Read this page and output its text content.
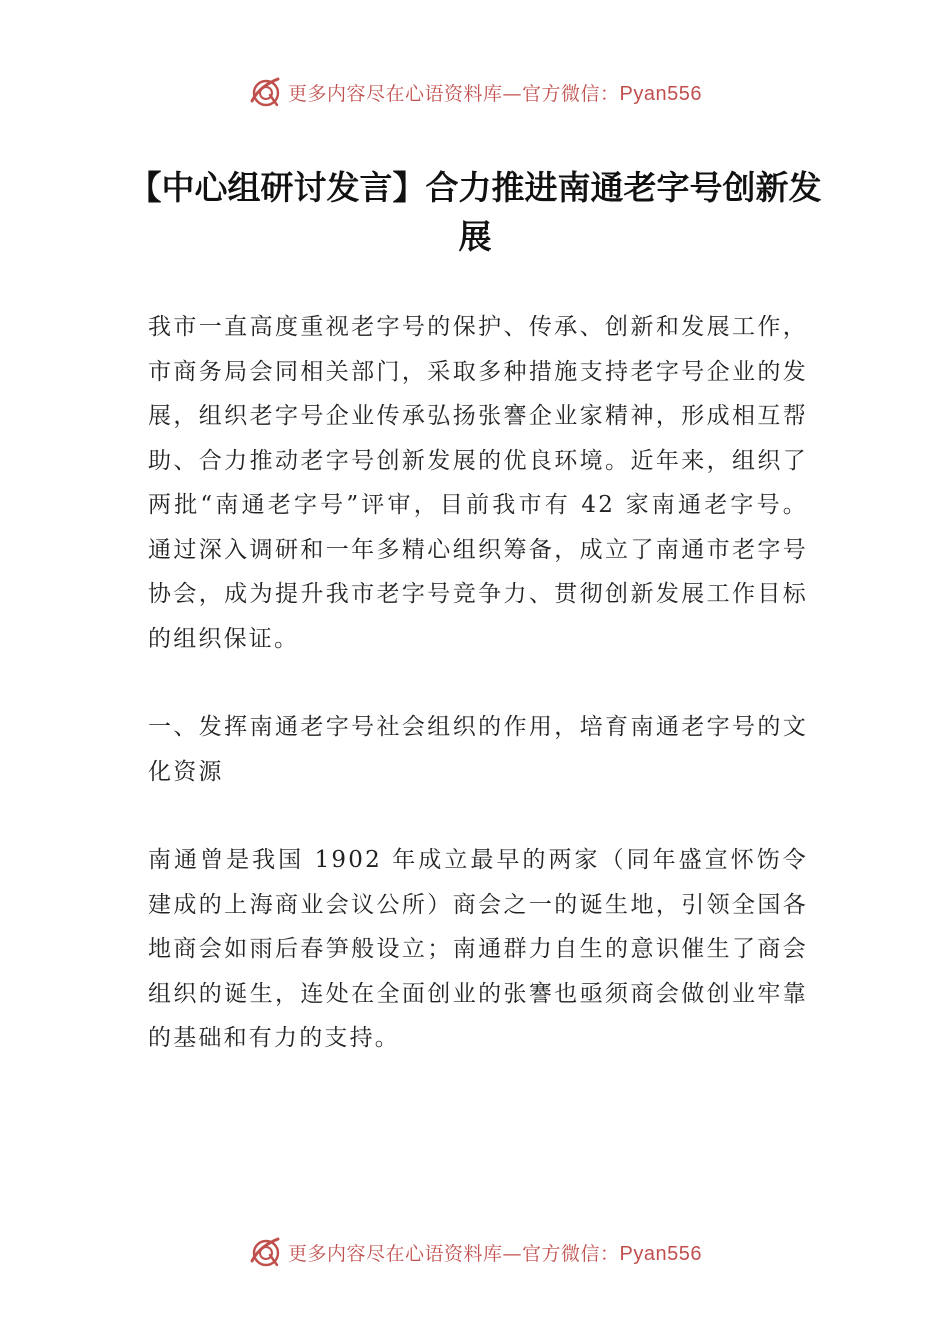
更多内容尽在心语资料库—官方微信：Pyan556
【中心组研讨发言】合力推进南通老字号创新发展

我市一直高度重视老字号的保护、传承、创新和发展工作，市商务局会同相关部门，采取多种措施支持老字号企业的发展，组织老字号企业传承弘扬张謇企业家精神，形成相互帮助、合力推动老字号创新发展的优良环境。近年来，组织了两批“南通老字号”评审，目前我市有 42 家南通老字号。通过深入调研和一年多精心组织筹备，成立了南通市老字号协会，成为提升我市老字号竞争力、贯彻创新发展工作目标的组织保证。

一、发挥南通老字号社会组织的作用，培育南通老字号的文化资源

南通曾是我国 1902 年成立最早的两家（同年盛宣怀饬令建成的上海商业会议公所）商会之一的诞生地，引领全国各地商会如雨后春笋般设立；南通群力自生的意识催生了商会组织的诞生，连处在全面创业的张謇也亟须商会做创业牢靠的基础和有力的支持。

更多内容尽在心语资料库—官方微信：Pyan556
